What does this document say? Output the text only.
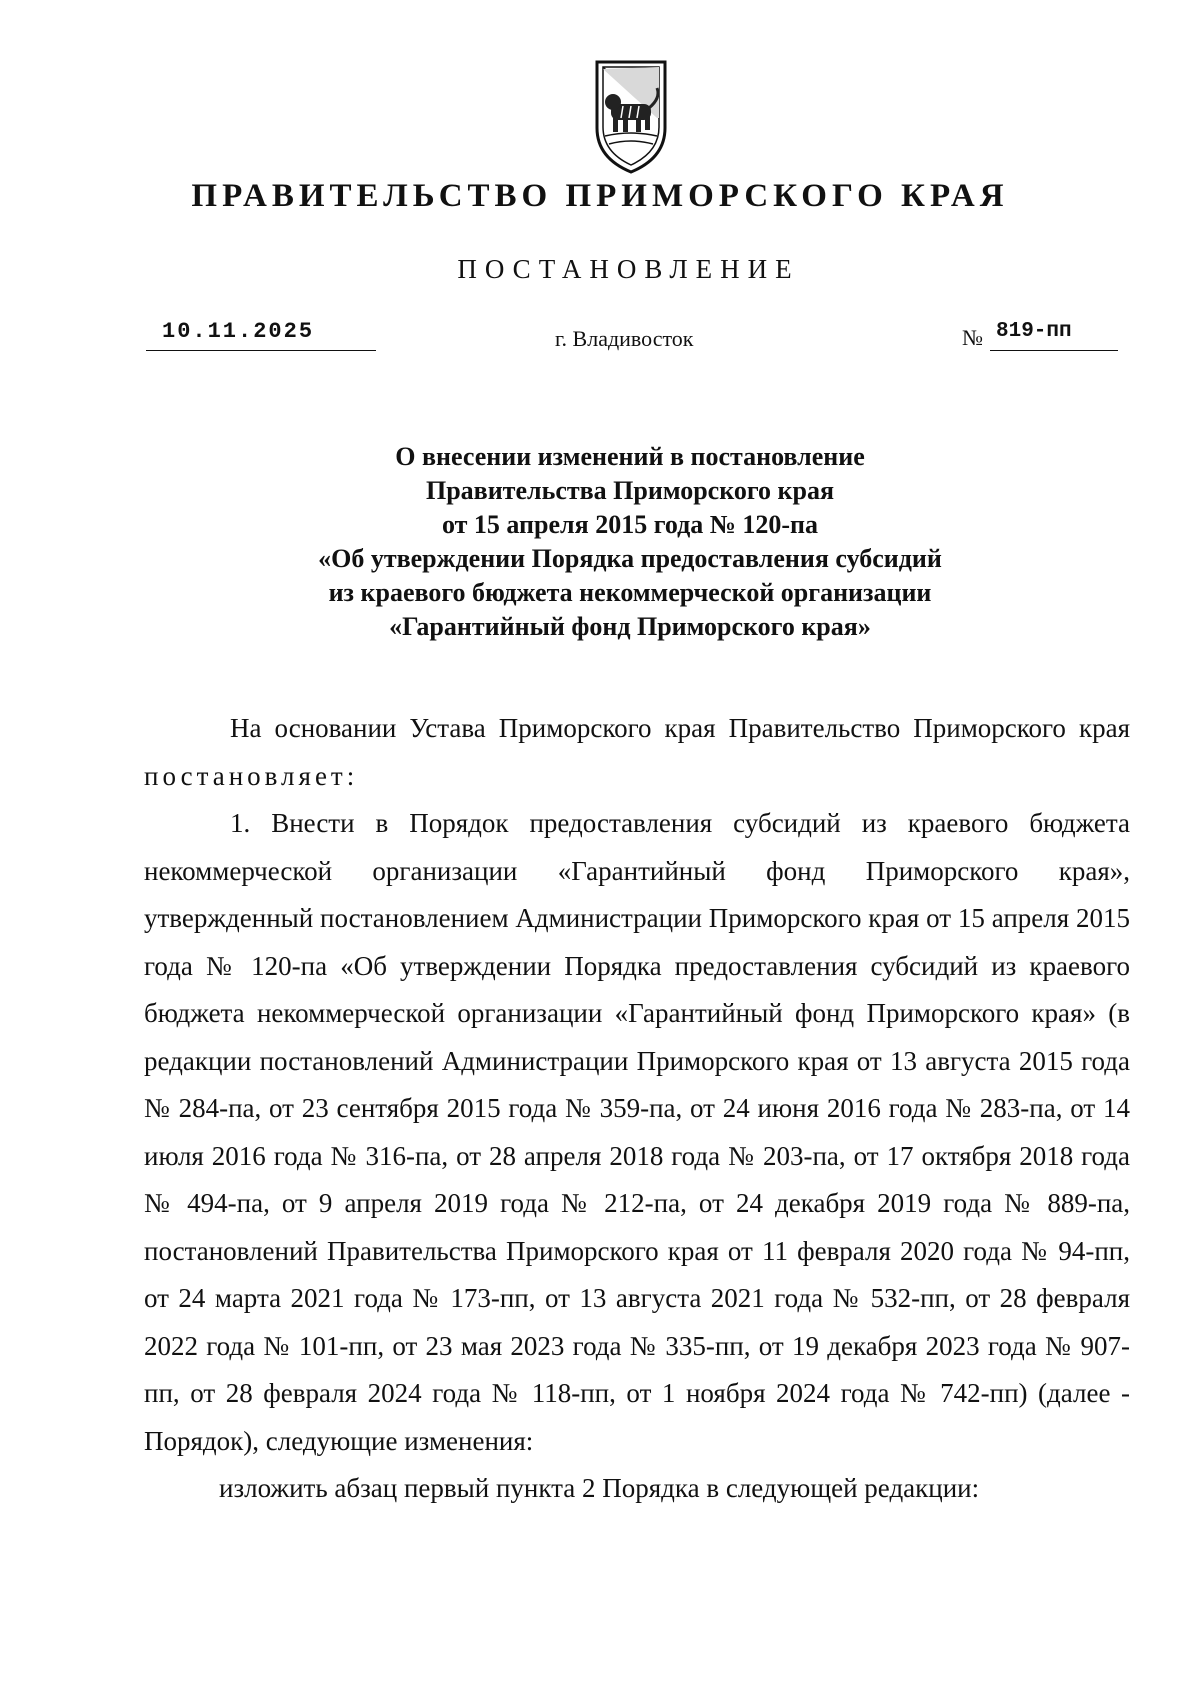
ПРАВИТЕЛЬСТВО ПРИМОРСКОГО КРАЯ
ПОСТАНОВЛЕНИЕ
10.11.2025	г. Владивосток	№ 819-пп
О внесении изменений в постановление
Правительства Приморского края
от 15 апреля 2015 года № 120-па
«Об утверждении Порядка предоставления субсидий
из краевого бюджета некоммерческой организации
«Гарантийный фонд Приморского края»

На основании Устава Приморского края Правительство Приморского края постановляет:

1. Внести в Порядок предоставления субсидий из краевого бюджета некоммерческой организации «Гарантийный фонд Приморского края», утвержденный постановлением Администрации Приморского края от 15 апреля 2015 года № 120-па «Об утверждении Порядка предоставления субсидий из краевого бюджета некоммерческой организации «Гарантийный фонд Приморского края» (в редакции постановлений Администрации Приморского края от 13 августа 2015 года № 284-па, от 23 сентября 2015 года № 359-па, от 24 июня 2016 года № 283-па, от 14 июля 2016 года № 316-па, от 28 апреля 2018 года № 203-па, от 17 октября 2018 года № 494-па, от 9 апреля 2019 года № 212-па, от 24 декабря 2019 года № 889-па, постановлений Правительства Приморского края от 11 февраля 2020 года № 94-пп, от 24 марта 2021 года № 173-пп, от 13 августа 2021 года № 532-пп, от 28 февраля 2022 года № 101-пп, от 23 мая 2023 года № 335-пп, от 19 декабря 2023 года № 907-пп, от 28 февраля 2024 года № 118-пп, от 1 ноября 2024 года № 742-пп) (далее - Порядок), следующие изменения:

изложить абзац первый пункта 2 Порядка в следующей редакции:
